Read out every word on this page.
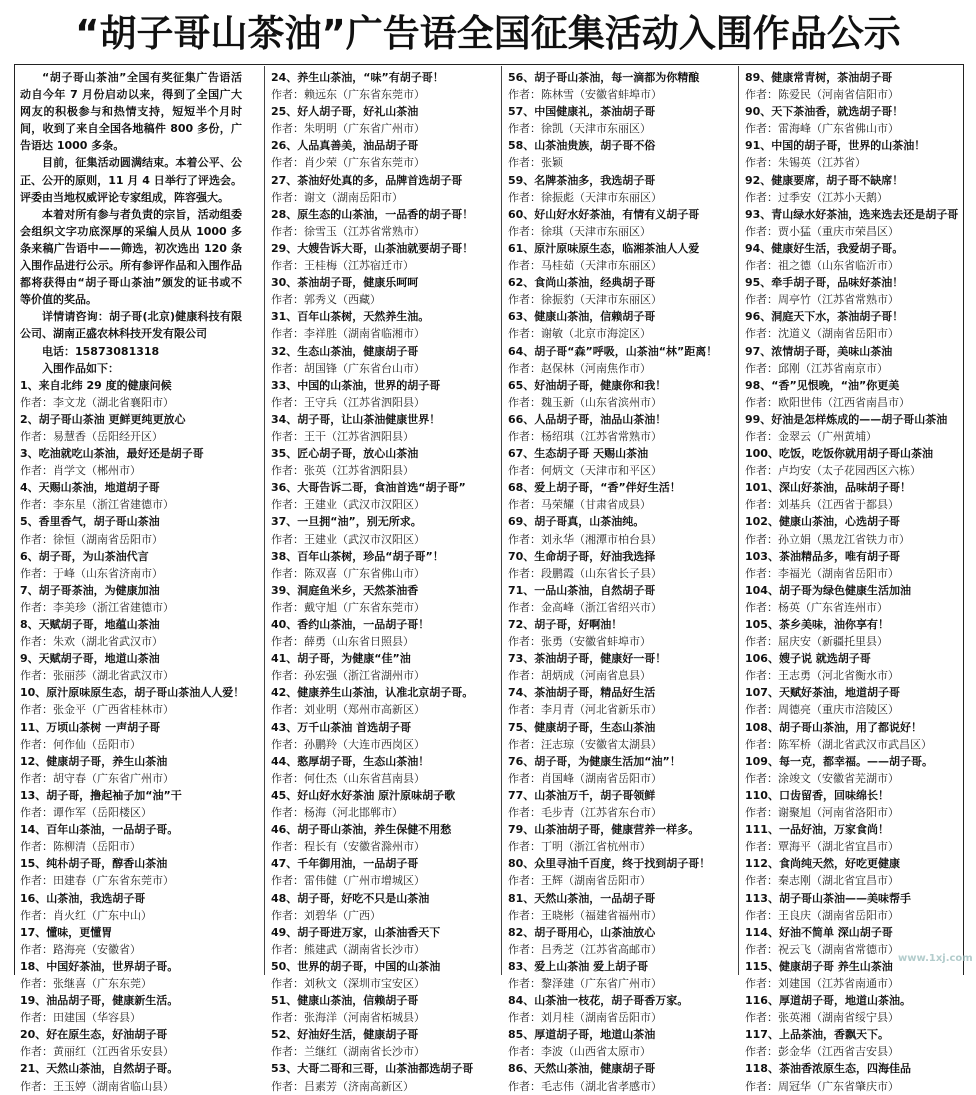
“胡子哥山茶油”广告语全国征集活动入围作品公示

“胡子哥山茶油”全国有奖征集广告语活动自今年 7 月份启动以来，得到了全国广大网友的积极参与和热情支持，短短半个月时间，收到了来自全国各地稿件 800 多份，广告语达 1000 多条。

目前，征集活动圆满结束。本着公平、公正、公开的原则，11 月 4 日举行了评选会。评委由当地权威评论专家组成，阵容强大。

本着对所有参与者负责的宗旨，活动组委会组织文字功底深厚的采编人员从 1000 多条来稿广告语中——筛选，初次选出 120 条入围作品进行公示。所有参评作品和入围作品都将获得由“胡子哥山茶油”颁发的证书或不等价值的奖品。

详情请咨询：胡子哥(北京)健康科技有限公司、湖南正盛农林科技开发有限公司

电话：15873081318
入围作品如下：
1、来自北纬 29 度的健康问候
作者：李文龙（湖北省襄阳市）
2、胡子哥山茶油 更鲜更纯更放心
作者：易慧香（岳阳经开区）
3、吃油就吃山茶油，最好还是胡子哥
作者：肖学文（郴州市）
4、天赐山茶油，地道胡子哥
作者：李东星（浙江省建德市）
5、香里香气，胡子哥山茶油
作者：徐恒（湖南省岳阳市）
6、胡子哥，为山茶油代言
作者：于峰（山东省济南市）
7、胡子哥茶油，为健康加油
作者：李美珍（浙江省建德市）
8、天赋胡子哥，地蕴山茶油
作者：朱欢（湖北省武汉市）
9、天赋胡子哥，地道山茶油
作者：张丽莎（湖北省武汉市）
10、原汁原味原生态，胡子哥山茶油人人爱！
作者：张金平（广西省桂林市）
11、万顷山茶树 一声胡子哥
作者：何作仙（岳阳市）
12、健康胡子哥，养生山茶油
作者：胡守春（广东省广州市）
13、胡子哥，撸起袖子加“油”干
作者：谭作军（岳阳楼区）
14、百年山茶油，一品胡子哥。
作者：陈柳清（岳阳市）
15、纯朴胡子哥，醇香山茶油
作者：田建春（广东省东莞市）
16、山茶油，我选胡子哥
作者：肖火红（广东中山）
17、懂味，更懂胃
作者：路海亮（安徽省）
18、中国好茶油，世界胡子哥。
作者：张继喜（广东东莞）
19、油品胡子哥，健康新生活。
作者：田建国（华容县）
20、好在原生态，好油胡子哥
作者：黄丽红（江西省乐安县）
21、天然山茶油，自然胡子哥。
作者：王玉婷（湖南省临山县）
24、养生山茶油，“味”有胡子哥！
作者：赖远东（广东省东莞市）
25、好人胡子哥，好礼山茶油
作者：朱明明（广东省广州市）
26、人品真善美，油品胡子哥
作者：肖少荣（广东省东莞市）
27、茶油好处真的多，品牌首选胡子哥
作者：谢文（湖南岳阳市）
28、原生态的山茶油，一品香的胡子哥！
作者：徐雪玉（江苏省常熟市）
29、大嫂告诉大哥，山茶油就要胡子哥！
作者：王桂梅（江苏宿迁市）
30、茶油胡子哥，健康乐呵呵
作者：郭秀义（西藏）
31、百年山茶树，天然养生油。
作者：李祥胜（湖南省临湘市）
32、生态山茶油，健康胡子哥
作者：胡国锋（广东省台山市）
33、中国的山茶油，世界的胡子哥
作者：王守兵（江苏省泗阳县）
34、胡子哥，让山茶油健康世界！
作者：王干（江苏省泗阳县）
35、匠心胡子哥，放心山茶油
作者：张英（江苏省泗阳县）
36、大哥告诉二哥，食油首选“胡子哥”
作者：王建业（武汉市汉阳区）
37、一旦拥“油”，别无所求。
作者：王建业（武汉市汉阳区）
38、百年山茶树，珍品“胡子哥”！
作者：陈双喜（广东省佛山市）
39、洞庭鱼米乡，天然茶油香
作者：戴守旭（广东省东莞市）
40、香约山茶油，一品胡子哥！
作者：薛勇（山东省日照县）
41、胡子哥，为健康“佳”油
作者：孙宏强（浙江省湖州市）
42、健康养生山茶油，认准北京胡子哥。
作者：刘业明（郑州市高新区）
43、万千山茶油 首选胡子哥
作者：孙鹏羚（大连市西岗区）
44、憨厚胡子哥，生态山茶油！
作者：何仕杰（山东省莒南县）
45、好山好水好茶油 原汁原味胡子歌
作者：杨海（河北邯郸市）
46、胡子哥山茶油，养生保健不用愁
作者：程长有（安徽省滁州市）
47、千年御用油，一品胡子哥
作者：雷伟健（广州市增城区）
48、胡子哥，好吃不只是山茶油
作者：刘碧华（广西）
49、胡子哥进万家，山茶油香天下
作者：熊建武（湖南省长沙市）
50、世界的胡子哥，中国的山茶油
作者：刘秋文（深圳市宝安区）
51、健康山茶油，信赖胡子哥
作者：张海洋（河南省柘城县）
52、好油好生活，健康胡子哥
作者：兰继红（湖南省长沙市）
53、大哥二哥和三哥，山茶油都选胡子哥
作者：吕素芳（济南高新区）
56、胡子哥山茶油，每一滴都为你精酿
作者：陈林雪（安徽省蚌埠市）
57、中国健康礼，茶油胡子哥
作者：徐凯（天津市东丽区）
58、山茶油贵族，胡子哥不俗
作者：张颖
59、名牌茶油多，我选胡子哥
作者：徐振彪（天津市东丽区）
60、好山好水好茶油，有情有义胡子哥
作者：徐琪（天津市东丽区）
61、原汁原味原生态，临湘茶油人人爱
作者：马桂茹（天津市东丽区）
62、食尚山茶油，经典胡子哥
作者：徐振豹（天津市东丽区）
63、健康山茶油，信赖胡子哥
作者：谢敏（北京市海淀区）
64、胡子哥“森”呼吸，山茶油“林”距离！
作者：赵保林（河南焦作市）
65、好油胡子哥，健康你和我！
作者：魏玉新（山东省滨州市）
66、人品胡子哥，油品山茶油！
作者：杨绍琪（江苏省常熟市）
67、生态胡子哥 天赐山茶油
作者：何炳文（天津市和平区）
68、爱上胡子哥，“香”伴好生活！
作者：马荣耀（甘肃省成县）
69、胡子哥真，山茶油纯。
作者：刘永华（湘潭市柏台县）
70、生命胡子哥，好油我选择
作者：段鹏霞（山东省长子县）
71、一品山茶油，自然胡子哥
作者：金高峰（浙江省绍兴市）
72、胡子哥，好啊油！
作者：张勇（安徽省蚌埠市）
73、茶油胡子哥，健康好一哥！
作者：胡炳成（河南省息县）
74、茶油胡子哥，精品好生活
作者：李月青（河北省新乐市）
75、健康胡子哥，生态山茶油
作者：汪志琼（安徽省太湖县）
76、胡子哥，为健康生活加“油”！
作者：肖国峰（湖南省岳阳市）
77、山茶油万千，胡子哥领鲜
作者：毛步青（江苏省东台市）
79、山茶油胡子哥，健康营养一样多。
作者：丁明（浙江省杭州市）
80、众里寻油千百度，终于找到胡子哥！
作者：王辉（湖南省岳阳市）
81、天然山茶油，一品胡子哥
作者：王晓彬（福建省福州市）
82、胡子哥用心，山茶油放心
作者：吕秀芝（江苏省高邮市）
83、爱上山茶油 爱上胡子哥
作者：黎泽建（广东省广州市）
84、山茶油一枝花，胡子哥香万家。
作者：刘月桂（湖南省岳阳市）
85、厚道胡子哥，地道山茶油
作者：李波（山西省太原市）
86、天然山茶油，健康胡子哥
作者：毛志伟（湖北省孝感市）
89、健康常青树，茶油胡子哥
作者：陈爱民（河南省信阳市）
90、天下茶油香，就选胡子哥！
作者：雷海峰（广东省佛山市）
91、中国的胡子哥，世界的山茶油！
作者：朱锡英（江苏省）
92、健康要席，胡子哥不缺席！
作者：过季安（江苏小天鹅）
93、青山绿水好茶油，选来选去还是胡子哥
作者：贾小猛（重庆市荣昌区）
94、健康好生活，我爱胡子哥。
作者：祖之德（山东省临沂市）
95、牵手胡子哥，品味好茶油！
作者：周亭竹（江苏省常熟市）
96、洞庭天下水，茶油胡子哥！
作者：沈道义（湖南省岳阳市）
97、浓情胡子哥，美味山茶油
作者：邱刚（江苏省南京市）
98、“香”见恨晚，“油”你更美
作者：欧阳世伟（江西省南昌市）
99、好油是怎样炼成的——胡子哥山茶油
作者：金翠云（广州黄埔）
100、吃饭，吃饭你就用胡子哥山茶油
作者：卢均安（太子花园西区六栋）
101、深山好茶油，品味胡子哥！
作者：刘基兵（江西省于都县）
102、健康山茶油，心选胡子哥
作者：孙立娟（黑龙江省铁力市）
103、茶油精品多，唯有胡子哥
作者：李福光（湖南省岳阳市）
104、胡子哥为绿色健康生活加油
作者：杨英（广东省连州市）
105、茶乡美味，油你享有！
作者：屈庆安（新疆托里县）
106、嫂子说 就选胡子哥
作者：王志勇（河北省衡水市）
107、天赋好茶油，地道胡子哥
作者：周德亮（重庆市涪陵区）
108、胡子哥山茶油，用了都说好！
作者：陈军桥（湖北省武汉市武昌区）
109、每一克，都幸福。——胡子哥。
作者：涂竣文（安徽省芜湖市）
110、口齿留香，回味绵长！
作者：谢聚旭（河南省洛阳市）
111、一品好油，万家食尚！
作者：覃海平（湖北省宜昌市）
112、食尚纯天然，好吃更健康
作者：秦志刚（湖北省宜昌市）
113、胡子哥山茶油——美味帮手
作者：王良庆（湖南省岳阳市）
114、好油不简单 深山胡子哥
作者：祝云飞（湖南省常德市）
115、健康胡子哥 养生山茶油
作者：刘建国（江苏省南通市）
116、厚道胡子哥，地道山茶油。
作者：张英湘（湖南省绥宁县）
117、上品茶油，香飘天下。
作者：彭金华（江西省吉安县）
118、茶油香浓原生态，四海佳品
作者：周冠华（广东省肇庆市）
www.1xj.com
